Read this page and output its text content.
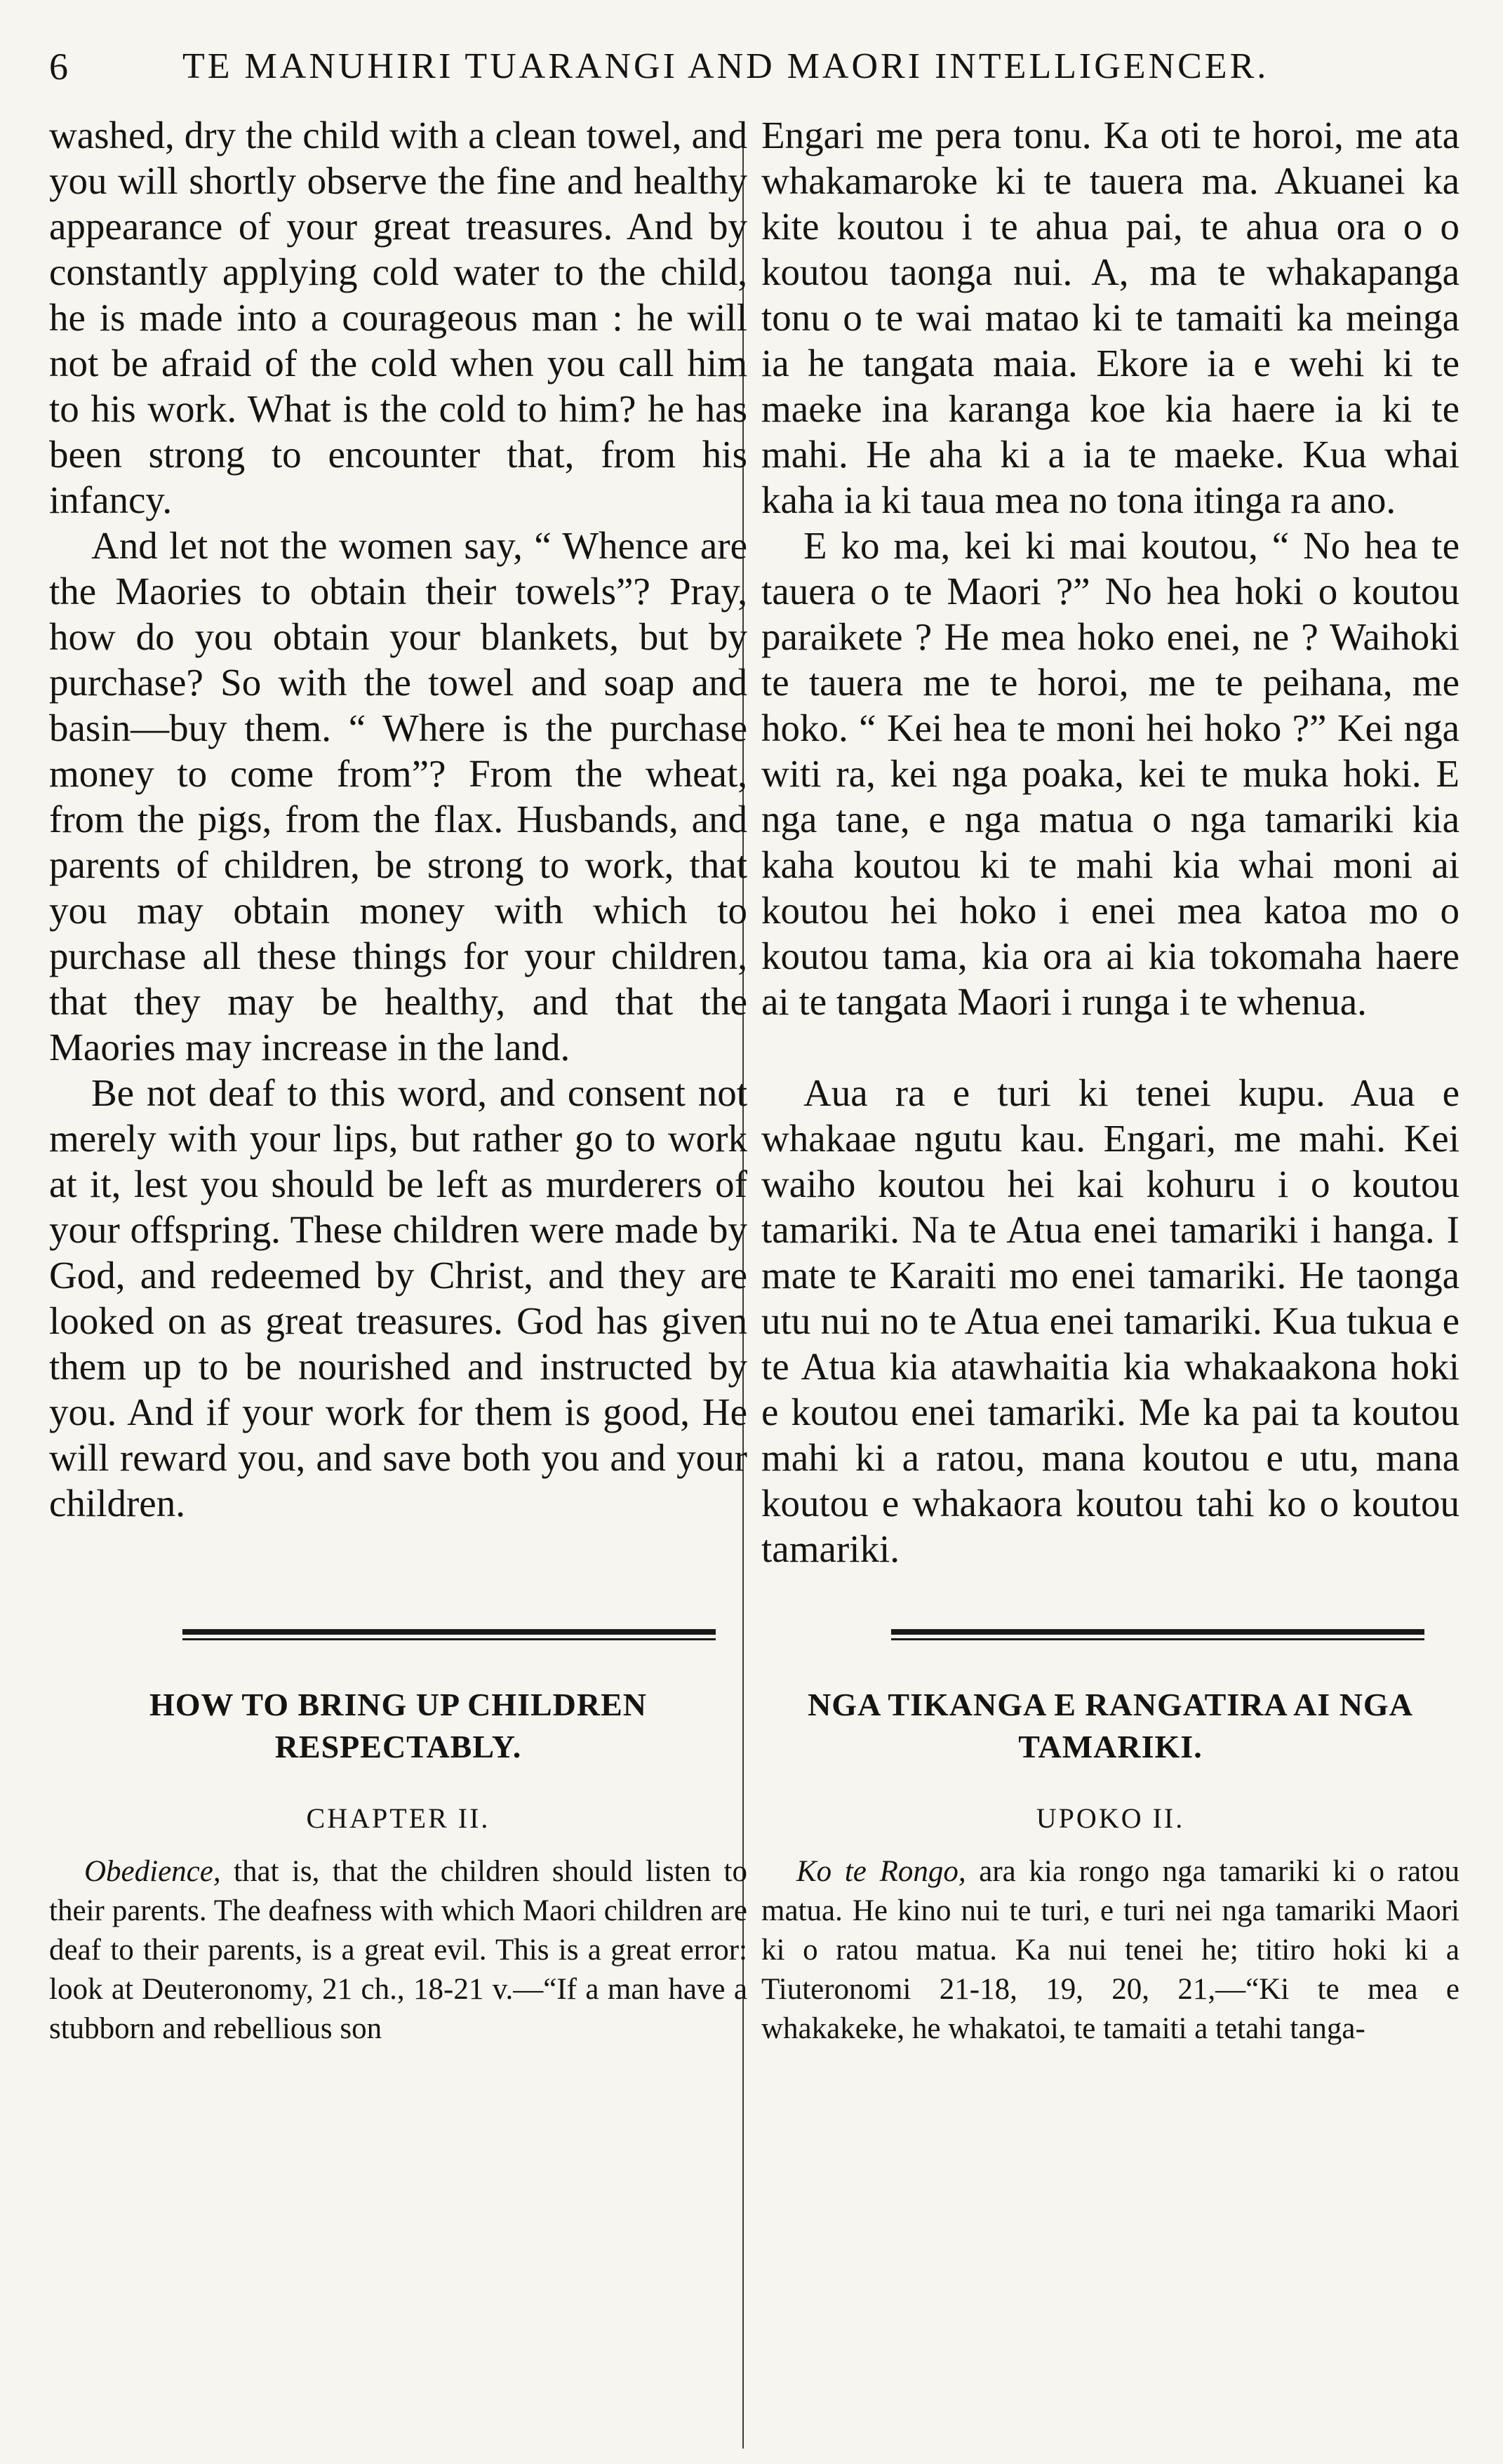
6	TE MANUHIRI TUARANGI AND MAORI INTELLIGENCER.

washed, dry the child with a clean towel, and you will shortly observe the fine and healthy appearance of your great treasures. And by constantly applying cold water to the child, he is made into a courageous man : he will not be afraid of the cold when you call him to his work. What is the cold to him? he has been strong to encounter that, from his infancy.

And let not the women say, “ Whence are the Maories to obtain their towels”? Pray, how do you obtain your blankets, but by purchase? So with the towel and soap and basin—buy them. “ Where is the purchase money to come from”? From the wheat, from the pigs, from the flax. Husbands, and parents of children, be strong to work, that you may obtain money with which to purchase all these things for your children, that they may be healthy, and that the Maories may increase in the land.

Be not deaf to this word, and consent not merely with your lips, but rather go to work at it, lest you should be left as murderers of your offspring. These children were made by God, and redeemed by Christ, and they are looked on as great treasures. God has given them up to be nourished and instructed by you. And if your work for them is good, He will reward you, and save both you and your children.

Engari me pera tonu. Ka oti te horoi, me ata whakamaroke ki te tauera ma. Akuanei ka kite koutou i te ahua pai, te ahua ora o o koutou taonga nui. A, ma te whakapanga tonu o te wai matao ki te tamaiti ka meinga ia he tangata maia. Ekore ia e wehi ki te maeke ina karanga koe kia haere ia ki te mahi. He aha ki a ia te maeke. Kua whai kaha ia ki taua mea no tona itinga ra ano.

E ko ma, kei ki mai koutou, “ No hea te tauera o te Maori ?” No hea hoki o koutou paraikete ? He mea hoko enei, ne ? Waihoki te tauera me te horoi, me te peihana, me hoko. “ Kei hea te moni hei hoko ?” Kei nga witi ra, kei nga poaka, kei te muka hoki. E nga tane, e nga matua o nga tamariki kia kaha koutou ki te mahi kia whai moni ai koutou hei hoko i enei mea katoa mo o koutou tama, kia ora ai kia tokomaha haere ai te tangata Maori i runga i te whenua.

Aua ra e turi ki tenei kupu. Aua e whakaae ngutu kau. Engari, me mahi. Kei waiho koutou hei kai kohuru i o koutou tamariki. Na te Atua enei tamariki i hanga. I mate te Karaiti mo enei tamariki. He taonga utu nui no te Atua enei tamariki. Kua tukua e te Atua kia atawhaitia kia whakaakona hoki e koutou enei tamariki. Me ka pai ta koutou mahi ki a ratou, mana koutou e utu, mana koutou e whakaora koutou tahi ko o koutou tamariki.

HOW TO BRING UP CHILDREN RESPECTABLY.
CHAPTER II.

Obedience, that is, that the children should listen to their parents. The deafness with which Maori children are deaf to their parents, is a great evil. This is a great error: look at Deuteronomy, 21 ch., 18-21 v.—“If a man have a stubborn and rebellious son

NGA TIKANGA E RANGATIRA AI NGA TAMARIKI.
UPOKO II.

Ko te Rongo, ara kia rongo nga tamariki ki o ratou matua. He kino nui te turi, e turi nei nga tamariki Maori ki o ratou matua. Ka nui tenei he; titiro hoki ki a Tiuteronomi 21-18, 19, 20, 21,—“Ki te mea e whakakeke, he whakatoi, te tamaiti a tetahi tanga-
